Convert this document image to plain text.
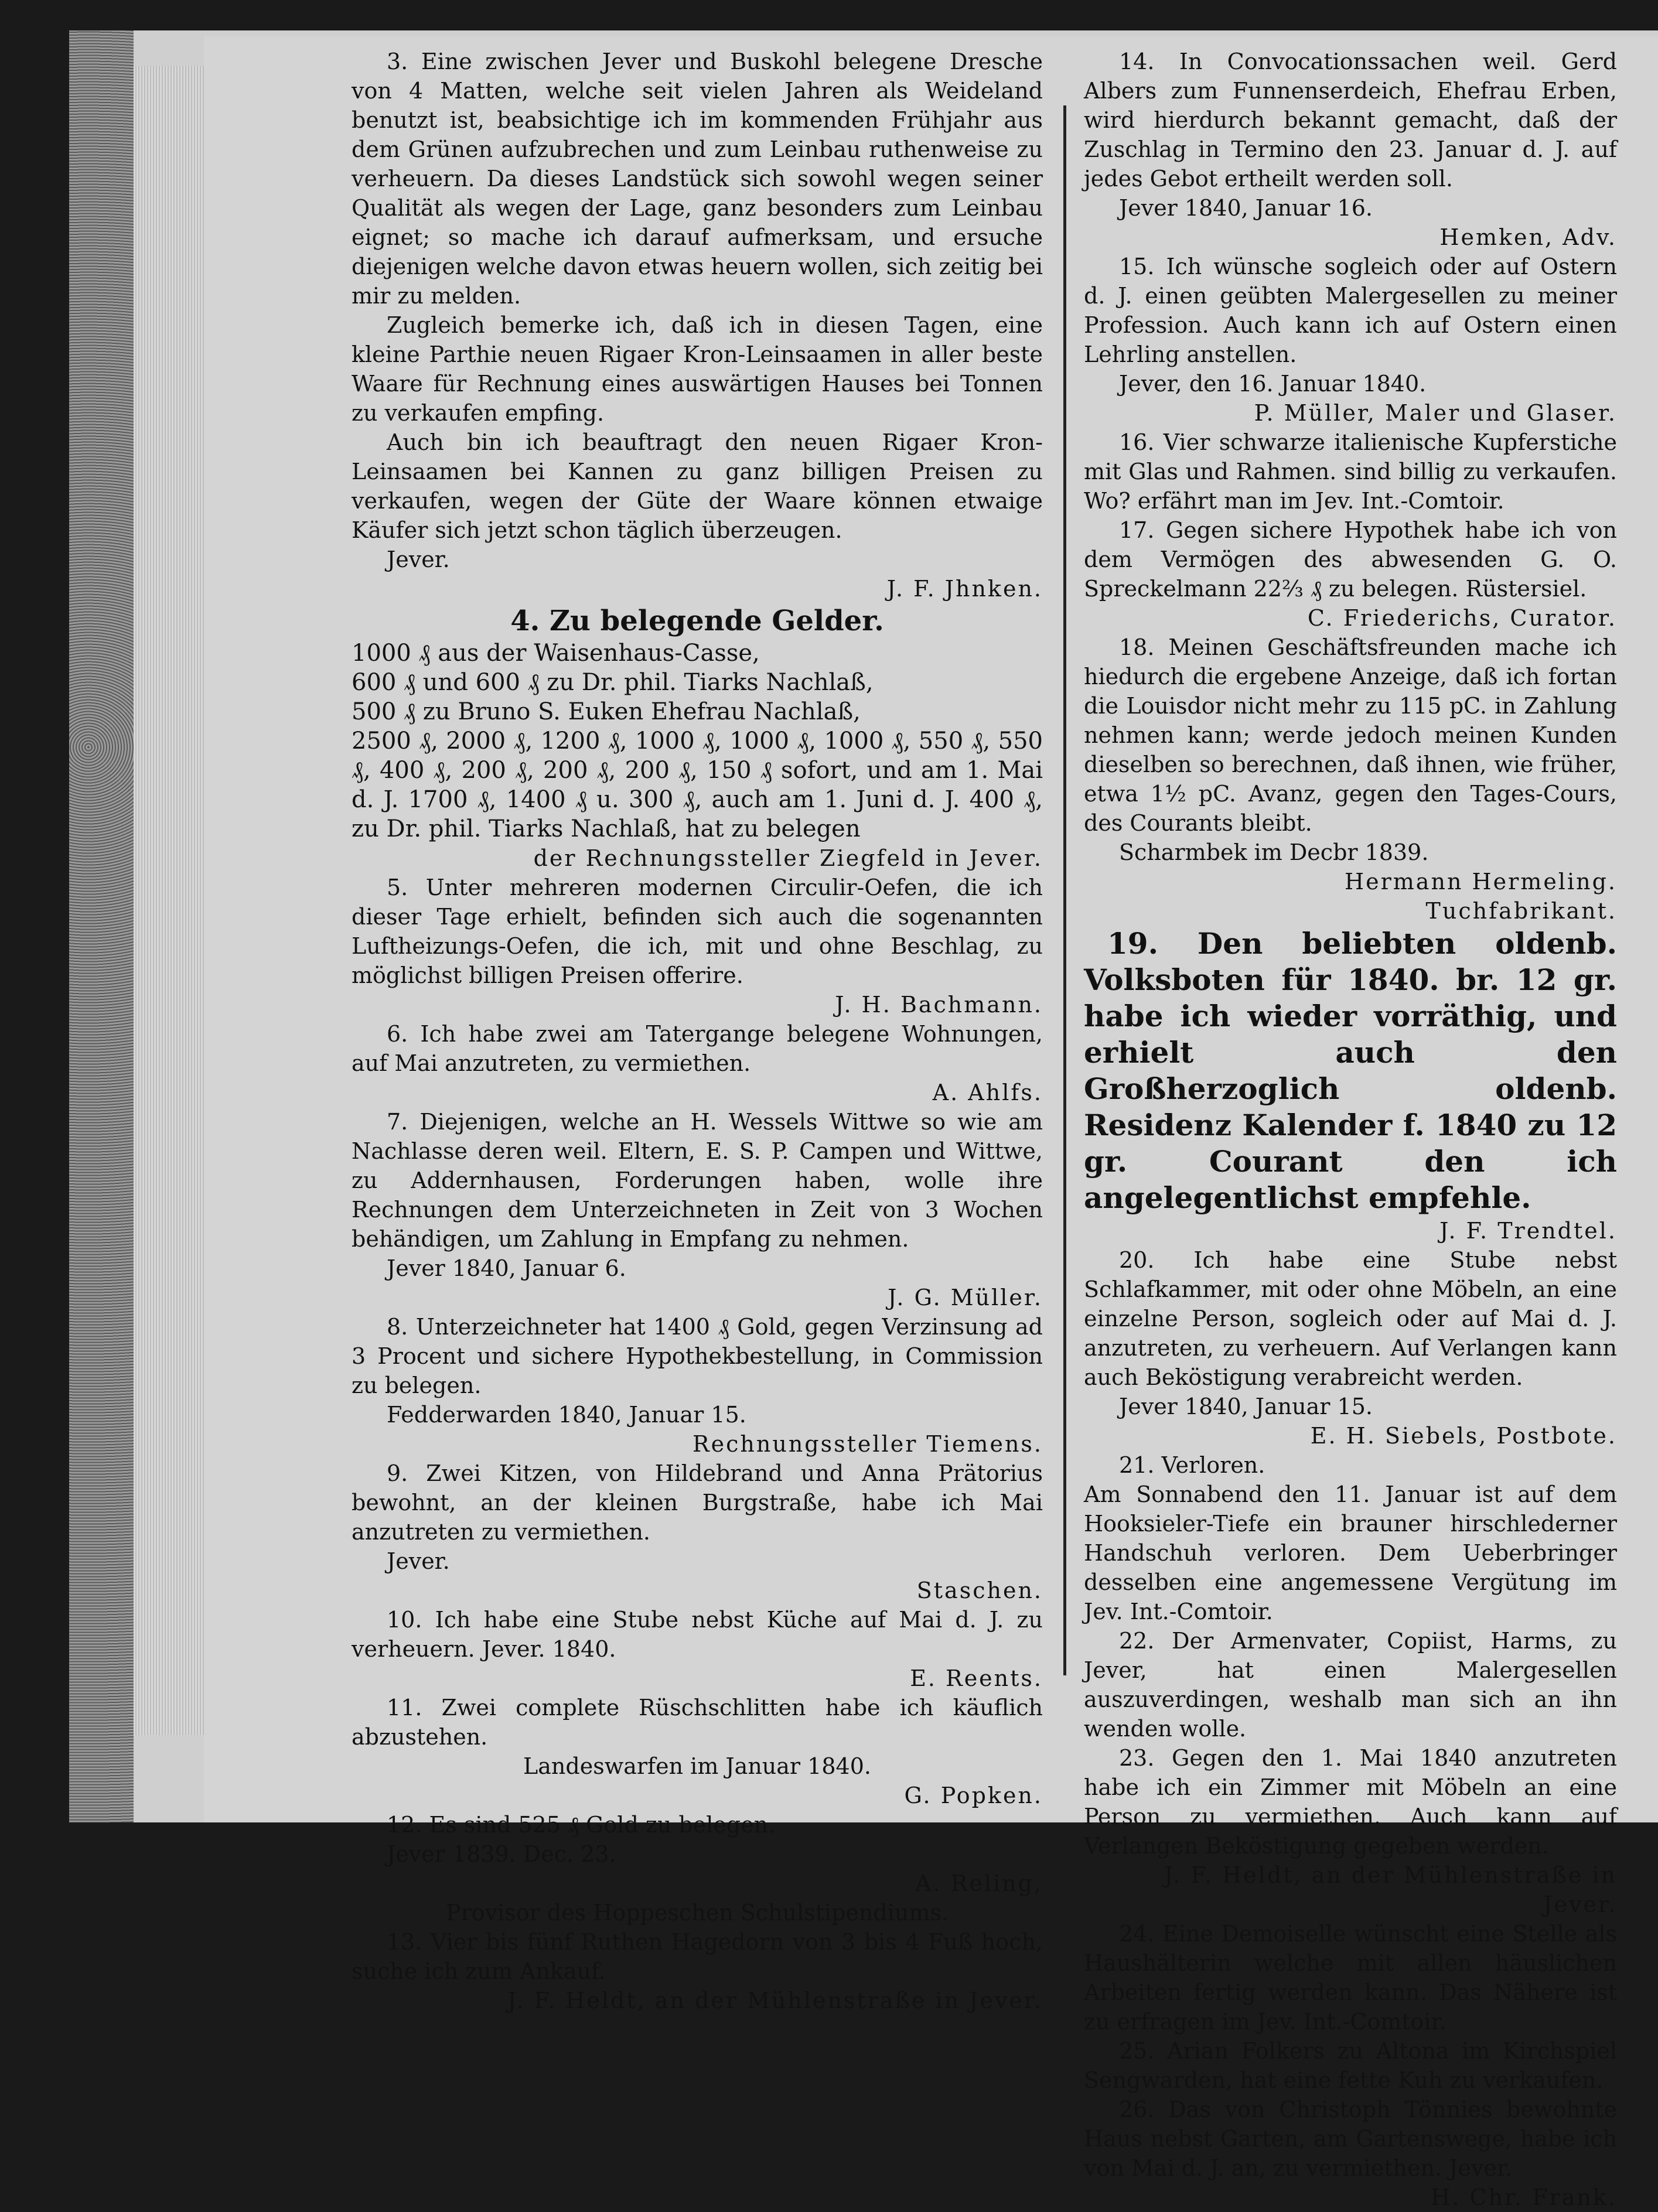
3. Eine zwischen Jever und Buskohl belegene Dresche von 4 Matten, welche seit vielen Jahren als Weideland benutzt ist, beabsichtige ich im kommenden Frühjahr aus dem Grünen aufzubrechen und zum Leinbau ruthenweise zu verheuern. Da dieses Landstück sich sowohl wegen seiner Qualität als wegen der Lage, ganz besonders zum Leinbau eignet; so mache ich darauf aufmerksam, und ersuche diejenigen welche davon etwas heuern wollen, sich zeitig bei mir zu melden.

Zugleich bemerke ich, daß ich in diesen Tagen, eine kleine Parthie neuen Rigaer Kron-Leinsaamen in aller beste Waare für Rechnung eines auswärtigen Hauses bei Tonnen zu verkaufen empfing.

Auch bin ich beauftragt den neuen Rigaer Kron-Leinsaamen bei Kannen zu ganz billigen Preisen zu verkaufen, wegen der Güte der Waare können etwaige Käufer sich jetzt schon täglich überzeugen.

Jever.

J. F. Jhnken.

4. Zu belegende Gelder.

1000 ₰ aus der Waisenhaus-Casse,

600 ₰ und 600 ₰ zu Dr. phil. Tiarks Nachlaß,

500 ₰ zu Bruno S. Euken Ehefrau Nachlaß,

2500 ₰, 2000 ₰, 1200 ₰, 1000 ₰, 1000 ₰, 1000 ₰, 550 ₰, 550 ₰, 400 ₰, 200 ₰, 200 ₰, 200 ₰, 150 ₰ sofort, und am 1. Mai d. J. 1700 ₰, 1400 ₰ u. 300 ₰, auch am 1. Juni d. J. 400 ₰, zu Dr. phil. Tiarks Nachlaß, hat zu belegen

der Rechnungssteller Ziegfeld in Jever.

5. Unter mehreren modernen Circulir-Oefen, die ich dieser Tage erhielt, befinden sich auch die sogenannten Luftheizungs-Oefen, die ich, mit und ohne Beschlag, zu möglichst billigen Preisen offerire.

J. H. Bachmann.

6. Ich habe zwei am Tatergange belegene Wohnungen, auf Mai anzutreten, zu vermiethen.

A. Ahlfs.

7. Diejenigen, welche an H. Wessels Wittwe so wie am Nachlasse deren weil. Eltern, E. S. P. Campen und Wittwe, zu Addernhausen, Forderungen haben, wolle ihre Rechnungen dem Unterzeichneten in Zeit von 3 Wochen behändigen, um Zahlung in Empfang zu nehmen.

Jever 1840, Januar 6.

J. G. Müller.

8. Unterzeichneter hat 1400 ₰ Gold, gegen Verzinsung ad 3 Procent und sichere Hypothekbestellung, in Commission zu belegen.

Fedderwarden 1840, Januar 15.

Rechnungssteller Tiemens.

9. Zwei Kitzen, von Hildebrand und Anna Prätorius bewohnt, an der kleinen Burgstraße, habe ich Mai anzutreten zu vermiethen.

Jever.

Staschen.

10. Ich habe eine Stube nebst Küche auf Mai d. J. zu verheuern. Jever. 1840.

E. Reents.

11. Zwei complete Rüschschlitten habe ich käuflich abzustehen.

Landeswarfen im Januar 1840.

G. Popken.

12. Es sind 525 ₰ Gold zu belegen.

Jever 1839. Dec. 23.

A. Reling,

Provisor des Hoppeschen Schulstipendiums.

13. Vier bis fünf Ruthen Hagedorn von 3 bis 4 Fuß hoch, suche ich zum Ankauf.

J. F. Heldt, an der Mühlenstraße in Jever.

14. In Convocationssachen weil. Gerd Albers zum Funnenserdeich, Ehefrau Erben, wird hierdurch bekannt gemacht, daß der Zuschlag in Termino den 23. Januar d. J. auf jedes Gebot ertheilt werden soll.

Jever 1840, Januar 16.

Hemken, Adv.

15. Ich wünsche sogleich oder auf Ostern d. J. einen geübten Malergesellen zu meiner Profession. Auch kann ich auf Ostern einen Lehrling anstellen.

Jever, den 16. Januar 1840.

P. Müller, Maler und Glaser.

16. Vier schwarze italienische Kupferstiche mit Glas und Rahmen. sind billig zu verkaufen. Wo? erfährt man im Jev. Int.-Comtoir.

17. Gegen sichere Hypothek habe ich von dem Vermögen des abwesenden G. O. Spreckelmann 22⅔ ₰ zu belegen. Rüstersiel.

C. Friederichs, Curator.

18. Meinen Geschäftsfreunden mache ich hiedurch die ergebene Anzeige, daß ich fortan die Louisdor nicht mehr zu 115 pC. in Zahlung nehmen kann; werde jedoch meinen Kunden dieselben so berechnen, daß ihnen, wie früher, etwa 1½ pC. Avanz, gegen den Tages-Cours, des Courants bleibt.

Scharmbek im Decbr 1839.

Hermann Hermeling.

Tuchfabrikant.

19. Den beliebten oldenb. Volksboten für 1840. br. 12 gr. habe ich wieder vorräthig, und erhielt auch den Großherzoglich oldenb. Residenz Kalender f. 1840 zu 12 gr. Courant den ich angelegentlichst empfehle.

J. F. Trendtel.

20. Ich habe eine Stube nebst Schlafkammer, mit oder ohne Möbeln, an eine einzelne Person, sogleich oder auf Mai d. J. anzutreten, zu verheuern. Auf Verlangen kann auch Beköstigung verabreicht werden.

Jever 1840, Januar 15.

E. H. Siebels, Postbote.

21. Verloren.

Am Sonnabend den 11. Januar ist auf dem Hooksieler-Tiefe ein brauner hirschlederner Handschuh verloren. Dem Ueberbringer desselben eine angemessene Vergütung im Jev. Int.-Comtoir.

22. Der Armenvater, Copiist, Harms, zu Jever, hat einen Malergesellen auszuverdingen, weshalb man sich an ihn wenden wolle.

23. Gegen den 1. Mai 1840 anzutreten habe ich ein Zimmer mit Möbeln an eine Person zu vermiethen. Auch kann auf Verlangen Beköstigung gegeben werden.

J. F. Heldt, an der Mühlenstraße in Jever.

24. Eine Demoiselle wünscht eine Stelle als Haushälterin welche mit allen häuslichen Arbeiten fertig werden kann. Das Nähere ist zu erfragen im Jev. Int.-Comtoir.

25. Arian Folkers zu Altona im Kirchspiel Sengwarden, hat eine fette Kuh zu verkaufen.

26. Das von Christoph Tönnies bewohnte Haus nebst Garten, am Gartenswege, habe ich von Mai d. J. an, zu vermiethen. Jever.

H. Chr. Frank.
